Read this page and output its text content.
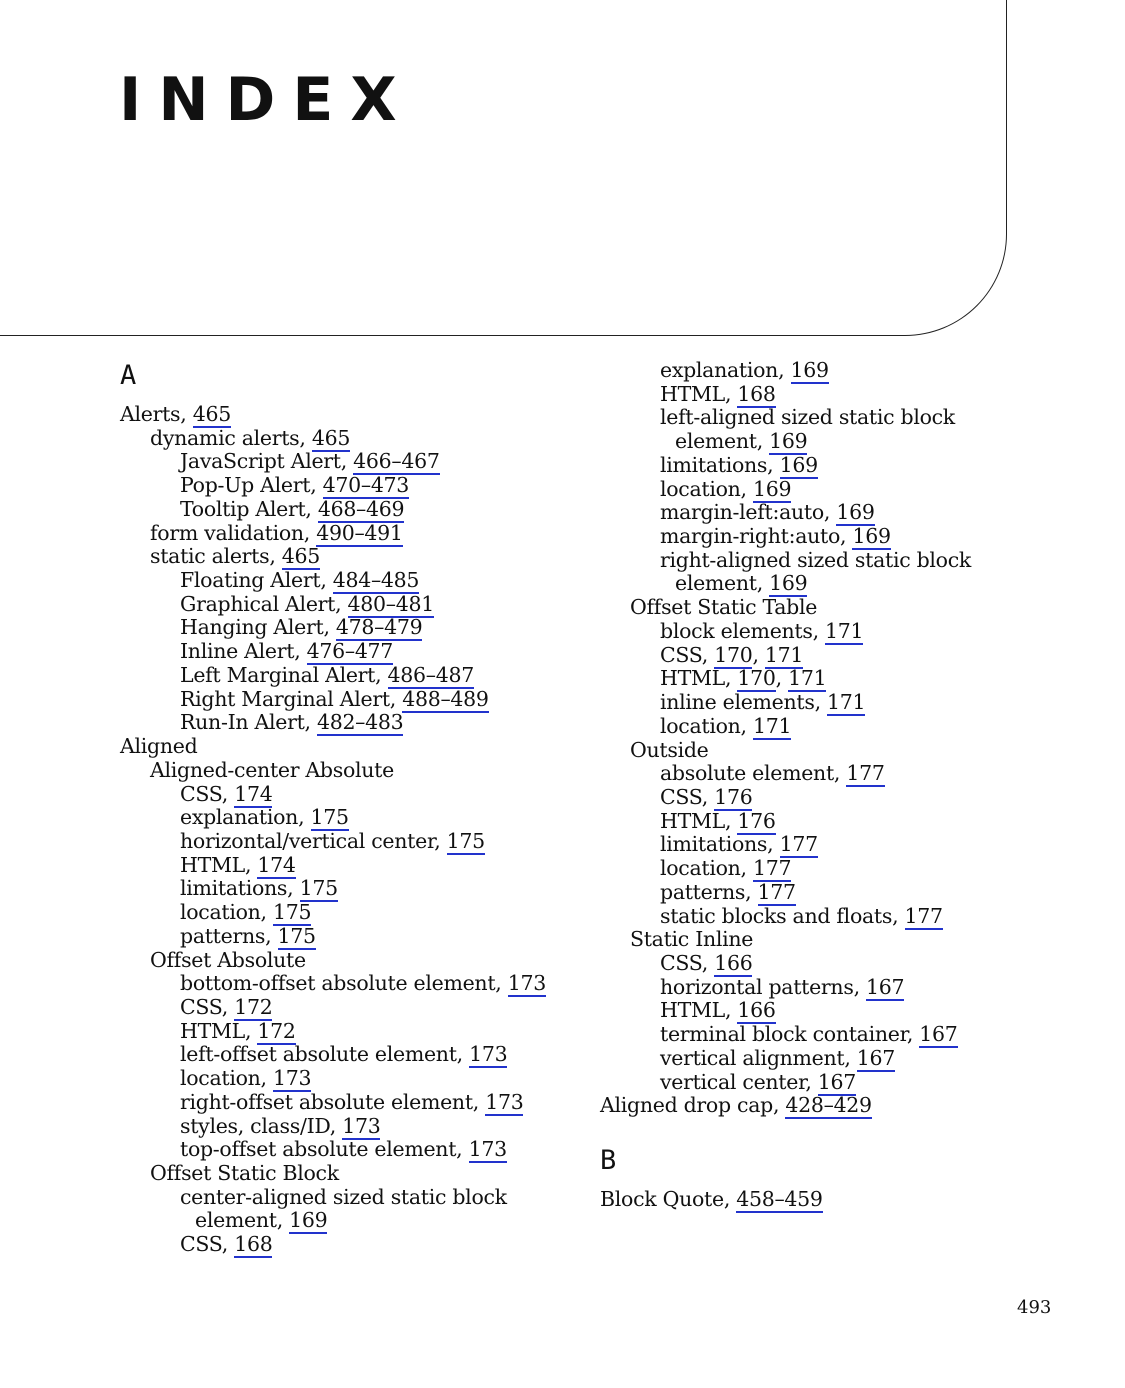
INDEX
A
Alerts, 465
dynamic alerts, 465
JavaScript Alert, 466–467
Pop-Up Alert, 470–473
Tooltip Alert, 468–469
form validation, 490–491
static alerts, 465
Floating Alert, 484–485
Graphical Alert, 480–481
Hanging Alert, 478–479
Inline Alert, 476–477
Left Marginal Alert, 486–487
Right Marginal Alert, 488–489
Run-In Alert, 482–483
Aligned
Aligned-center Absolute
CSS, 174
explanation, 175
horizontal/vertical center, 175
HTML, 174
limitations, 175
location, 175
patterns, 175
Offset Absolute
bottom-offset absolute element, 173
CSS, 172
HTML, 172
left-offset absolute element, 173
location, 173
right-offset absolute element, 173
styles, class/ID, 173
top-offset absolute element, 173
Offset Static Block
center-aligned sized static block
element, 169
CSS, 168
explanation, 169
HTML, 168
left-aligned sized static block
element, 169
limitations, 169
location, 169
margin-left:auto, 169
margin-right:auto, 169
right-aligned sized static block
element, 169
Offset Static Table
block elements, 171
CSS, 170, 171
HTML, 170, 171
inline elements, 171
location, 171
Outside
absolute element, 177
CSS, 176
HTML, 176
limitations, 177
location, 177
patterns, 177
static blocks and floats, 177
Static Inline
CSS, 166
horizontal patterns, 167
HTML, 166
terminal block container, 167
vertical alignment, 167
vertical center, 167
Aligned drop cap, 428–429
B
Block Quote, 458–459
493
